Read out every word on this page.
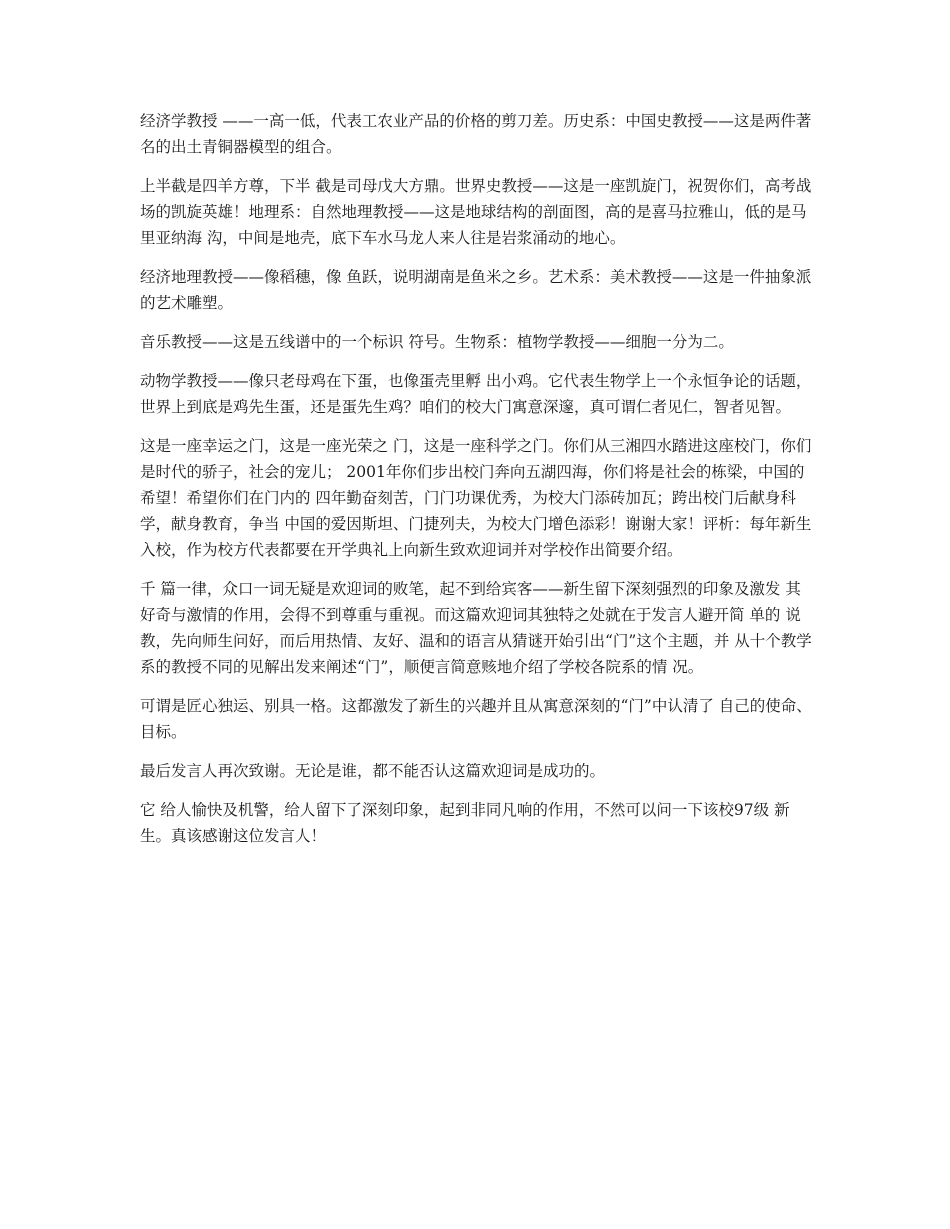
经济学教授 ——一高一低，代表工农业产品的价格的剪刀差。历史系：中国史教授——这是两件著名的出土青铜器模型的组合。

上半截是四羊方尊，下半 截是司母戊大方鼎。世界史教授——这是一座凯旋门，祝贺你们，高考战场的凯旋英雄！地理系：自然地理教授——这是地球结构的剖面图，高的是喜马拉雅山，低的是马里亚纳海 沟，中间是地壳，底下车水马龙人来人往是岩浆涌动的地心。

经济地理教授——像稻穗，像 鱼跃，说明湖南是鱼米之乡。艺术系：美术教授——这是一件抽象派的艺术雕塑。

音乐教授——这是五线谱中的一个标识 符号。生物系：植物学教授——细胞一分为二。

动物学教授——像只老母鸡在下蛋，也像蛋壳里孵 出小鸡。它代表生物学上一个永恒争论的话题，世界上到底是鸡先生蛋，还是蛋先生鸡？咱们的校大门寓意深邃，真可谓仁者见仁，智者见智。

这是一座幸运之门，这是一座光荣之 门，这是一座科学之门。你们从三湘四水踏进这座校门，你们是时代的骄子，社会的宠儿； 2001年你们步出校门奔向五湖四海，你们将是社会的栋梁，中国的希望！希望你们在门内的 四年勤奋刻苦，门门功课优秀，为校大门添砖加瓦；跨出校门后献身科学，献身教育，争当 中国的爱因斯坦、门捷列夫，为校大门增色添彩！谢谢大家！评析：每年新生入校，作为校方代表都要在开学典礼上向新生致欢迎词并对学校作出简要介绍。

千 篇一律，众口一词无疑是欢迎词的败笔，起不到给宾客——新生留下深刻强烈的印象及激发 其好奇与激情的作用，会得不到尊重与重视。而这篇欢迎词其独特之处就在于发言人避开简 单的 说教，先向师生问好，而后用热情、友好、温和的语言从猜谜开始引出“门”这个主题，并 从十个教学系的教授不同的见解出发来阐述“门”，顺便言简意赅地介绍了学校各院系的情 况。

可谓是匠心独运、别具一格。这都激发了新生的兴趣并且从寓意深刻的“门”中认清了 自己的使命、目标。

最后发言人再次致谢。无论是谁，都不能否认这篇欢迎词是成功的。

它 给人愉快及机警，给人留下了深刻印象，起到非同凡响的作用，不然可以问一下该校97级 新生。真该感谢这位发言人！
